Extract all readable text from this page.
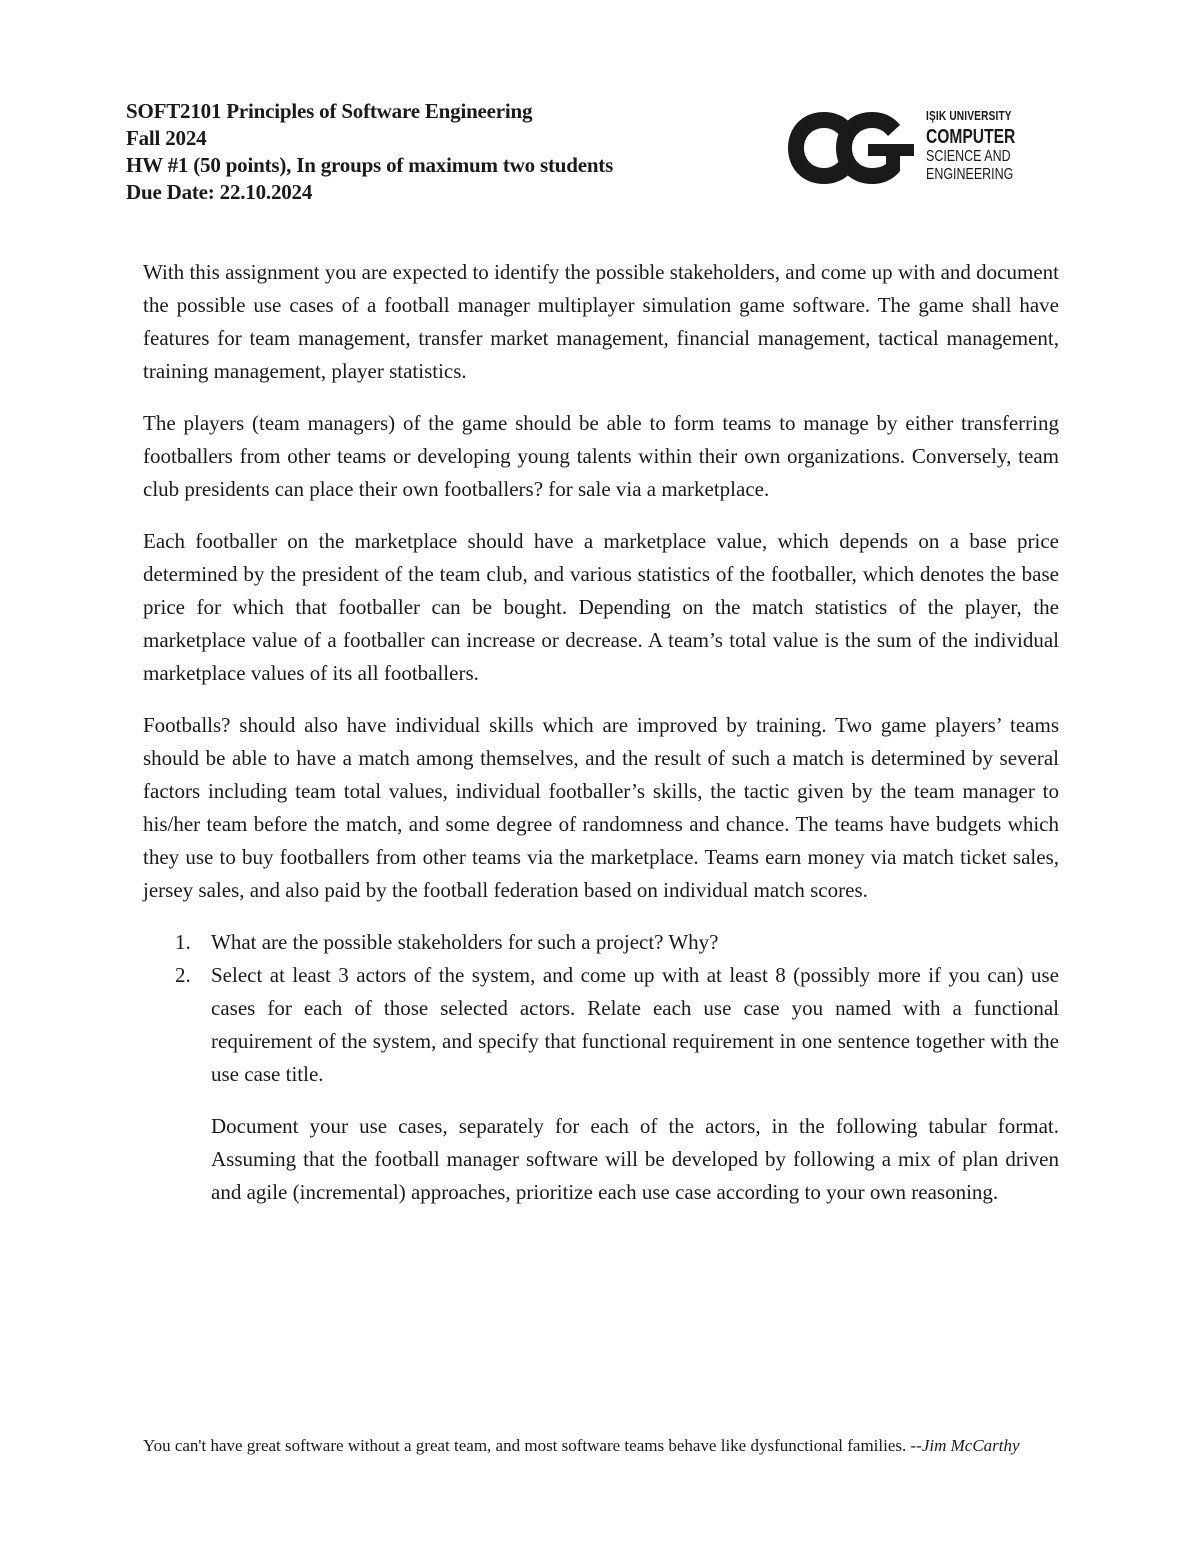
SOFT2101 Principles of Software Engineering
Fall 2024
HW #1 (50 points), In groups of maximum two students
Due Date: 22.10.2024
IŞIK UNIVERSITY
COMPUTER
SCIENCE AND
ENGINEERING

With this assignment you are expected to identify the possible stakeholders, and come up with and document the possible use cases of a football manager multiplayer simulation game software. The game shall have features for team management, transfer market management, financial management, tactical management, training management, player statistics.

The players (team managers) of the game should be able to form teams to manage by either transferring footballers from other teams or developing young talents within their own organizations. Conversely, team club presidents can place their own footballers? for sale via a marketplace.

Each footballer on the marketplace should have a marketplace value, which depends on a base price determined by the president of the team club, and various statistics of the footballer, which denotes the base price for which that footballer can be bought. Depending on the match statistics of the player, the marketplace value of a footballer can increase or decrease. A team’s total value is the sum of the individual marketplace values of its all footballers.

Footballs? should also have individual skills which are improved by training. Two game players’ teams should be able to have a match among themselves, and the result of such a match is determined by several factors including team total values, individual footballer’s skills, the tactic given by the team manager to his/her team before the match, and some degree of randomness and chance. The teams have budgets which they use to buy footballers from other teams via the marketplace. Teams earn money via match ticket sales, jersey sales, and also paid by the football federation based on individual match scores.

1. What are the possible stakeholders for such a project? Why?
2. Select at least 3 actors of the system, and come up with at least 8 (possibly more if you can) use cases for each of those selected actors. Relate each use case you named with a functional requirement of the system, and specify that functional requirement in one sentence together with the use case title.
Document your use cases, separately for each of the actors, in the following tabular format. Assuming that the football manager software will be developed by following a mix of plan driven and agile (incremental) approaches, prioritize each use case according to your own reasoning.
You can't have great software without a great team, and most software teams behave like dysfunctional families. --Jim McCarthy
